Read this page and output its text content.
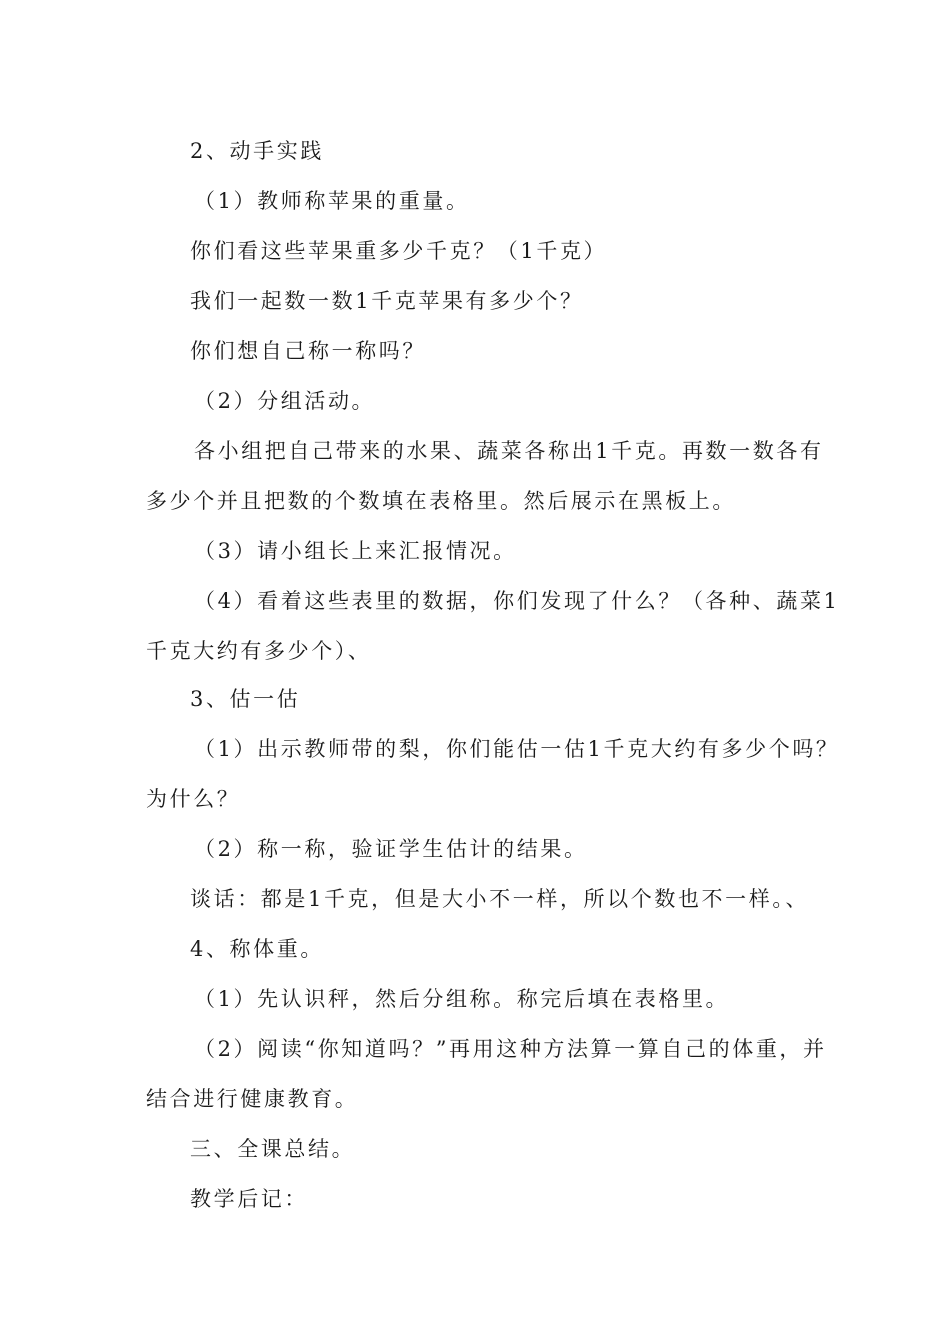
2、动手实践

（1）教师称苹果的重量。

你们看这些苹果重多少千克？（1千克）

我们一起数一数1千克苹果有多少个？

你们想自己称一称吗？

（2）分组活动。

各小组把自己带来的水果、蔬菜各称出1千克。再数一数各有

多少个并且把数的个数填在表格里。然后展示在黑板上。

（3）请小组长上来汇报情况。

（4）看着这些表里的数据，你们发现了什么？（各种、蔬菜1

千克大约有多少个）、

3、估一估

（1）出示教师带的梨，你们能估一估1千克大约有多少个吗？

为什么？

（2）称一称，验证学生估计的结果。

谈话：都是1千克，但是大小不一样，所以个数也不一样。、

4、称体重。

（1）先认识秤，然后分组称。称完后填在表格里。

（2）阅读“你知道吗？”再用这种方法算一算自己的体重，并

结合进行健康教育。

三、全课总结。

教学后记：
